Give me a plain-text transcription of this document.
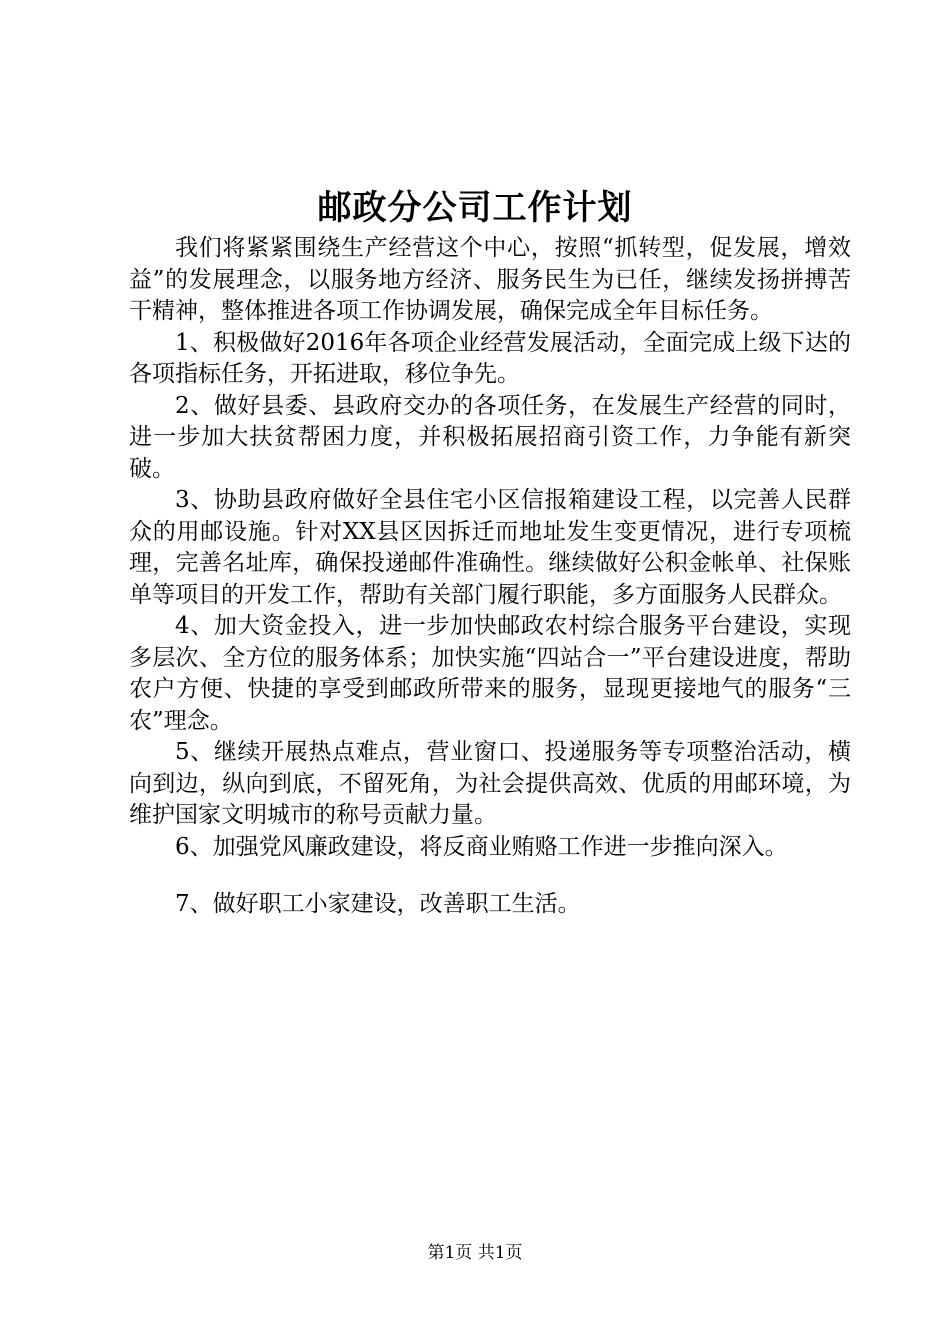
邮政分公司工作计划

我们将紧紧围绕生产经营这个中心，按照“抓转型，促发展，增效益”的发展理念，以服务地方经济、服务民生为已任，继续发扬拼搏苦干精神，整体推进各项工作协调发展，确保完成全年目标任务。

1、积极做好2016年各项企业经营发展活动，全面完成上级下达的各项指标任务，开拓进取，移位争先。

2、做好县委、县政府交办的各项任务，在发展生产经营的同时，进一步加大扶贫帮困力度，并积极拓展招商引资工作，力争能有新突破。

3、协助县政府做好全县住宅小区信报箱建设工程，以完善人民群众的用邮设施。针对XX县区因拆迁而地址发生变更情况，进行专项梳理，完善名址库，确保投递邮件准确性。继续做好公积金帐单、社保账单等项目的开发工作，帮助有关部门履行职能，多方面服务人民群众。

4、加大资金投入，进一步加快邮政农村综合服务平台建设，实现多层次、全方位的服务体系；加快实施“四站合一”平台建设进度，帮助农户方便、快捷的享受到邮政所带来的服务，显现更接地气的服务“三农”理念。

5、继续开展热点难点，营业窗口、投递服务等专项整治活动，横向到边，纵向到底，不留死角，为社会提供高效、优质的用邮环境，为维护国家文明城市的称号贡献力量。

6、加强党风廉政建设，将反商业贿赂工作进一步推向深入。

7、做好职工小家建设，改善职工生活。

第1页 共1页
